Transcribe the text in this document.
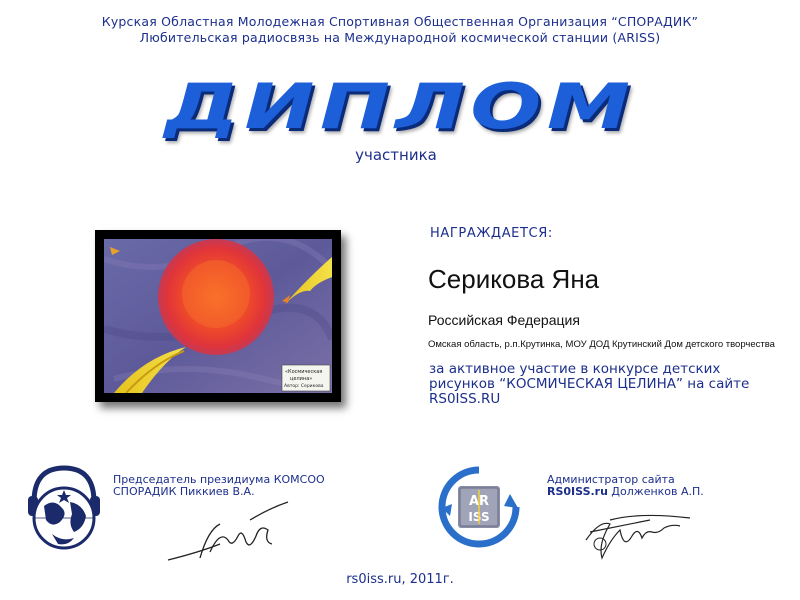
Курская Областная Молодежная Спортивная Общественная Организация “СПОРАДИК”
Любительская радиосвязь на Международной космической станции (ARISS)
ДИПЛОМ
участника
«Космическая
целина»
Автор: Серикова
НАГРАЖДАЕТСЯ:
Серикова Яна
Российская Федерация
Омская область, р.п.Крутинка, МОУ ДОД Крутинский Дом детского творчества
за активное участие в конкурсе детских рисунков “КОСМИЧЕСКАЯ ЦЕЛИНА” на сайте RS0ISS.RU
Председатель президиума КОМСОО
СПОРАДИК Пиккиев В.А.
AR
ISS
Администратор сайта
RS0ISS.ru Долженков А.П.
rs0iss.ru, 2011г.
